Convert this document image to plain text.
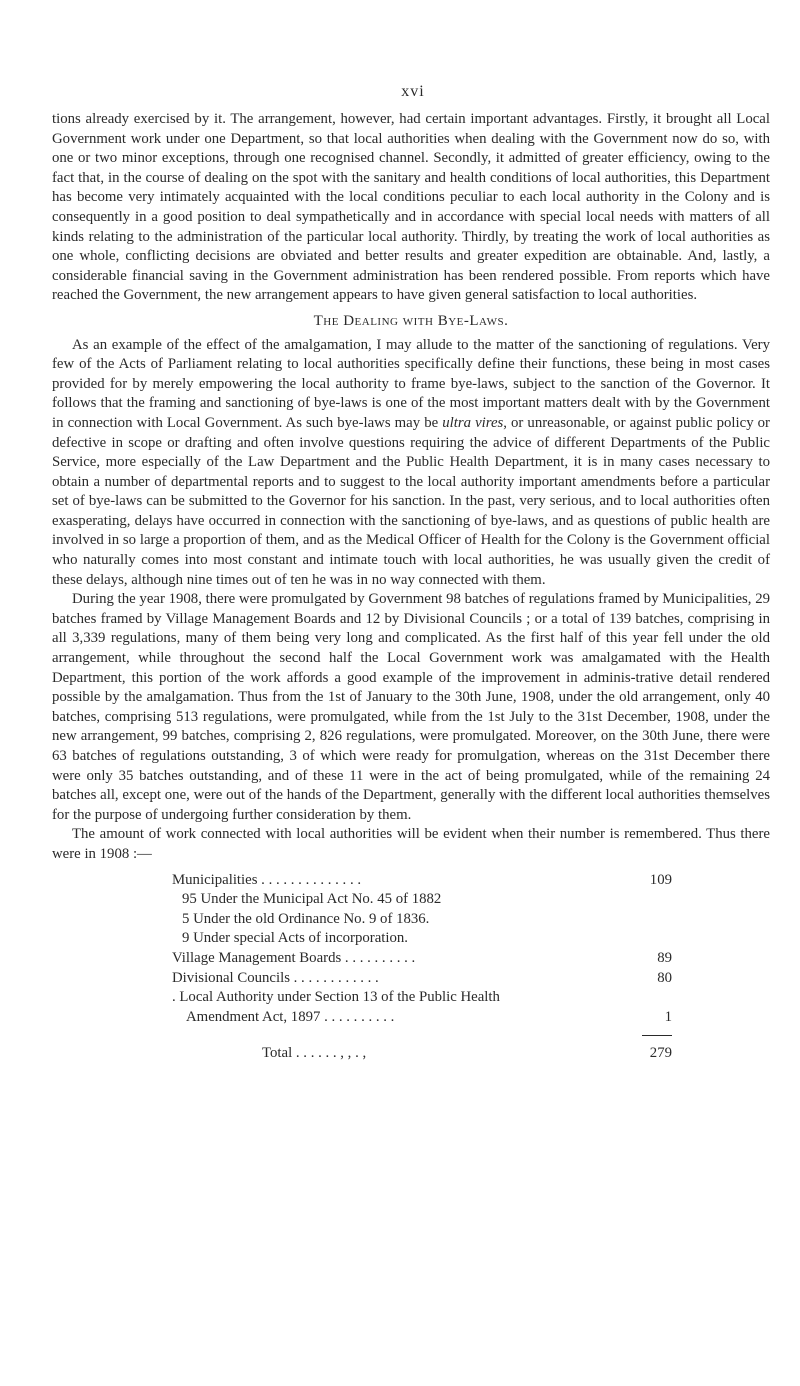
xvi

tions already exercised by it. The arrangement, however, had certain important advantages. Firstly, it brought all Local Government work under one Department, so that local authorities when dealing with the Government now do so, with one or two minor exceptions, through one recognised channel. Secondly, it admitted of greater efficiency, owing to the fact that, in the course of dealing on the spot with the sanitary and health conditions of local authorities, this Department has become very intimately acquainted with the local conditions peculiar to each local authority in the Colony and is consequently in a good position to deal sympathetically and in accordance with special local needs with matters of all kinds relating to the administration of the particular local authority. Thirdly, by treating the work of local authorities as one whole, conflicting decisions are obviated and better results and greater expedition are obtainable. And, lastly, a considerable financial saving in the Government administration has been rendered possible. From reports which have reached the Government, the new arrangement appears to have given general satisfaction to local authorities.

The Dealing with Bye-Laws.

As an example of the effect of the amalgamation, I may allude to the matter of the sanctioning of regulations. Very few of the Acts of Parliament relating to local authorities specifically define their functions, these being in most cases provided for by merely empowering the local authority to frame bye-laws, subject to the sanction of the Governor. It follows that the framing and sanctioning of bye-laws is one of the most important matters dealt with by the Government in connection with Local Government. As such bye-laws may be ultra vires, or unreasonable, or against public policy or defective in scope or drafting and often involve questions requiring the advice of different Departments of the Public Service, more especially of the Law Department and the Public Health Department, it is in many cases necessary to obtain a number of departmental reports and to suggest to the local authority important amendments before a particular set of bye-laws can be submitted to the Governor for his sanction. In the past, very serious, and to local authorities often exasperating, delays have occurred in connection with the sanctioning of bye-laws, and as questions of public health are involved in so large a proportion of them, and as the Medical Officer of Health for the Colony is the Government official who naturally comes into most constant and intimate touch with local authorities, he was usually given the credit of these delays, although nine times out of ten he was in no way connected with them.

During the year 1908, there were promulgated by Government 98 batches of regulations framed by Municipalities, 29 batches framed by Village Management Boards and 12 by Divisional Councils ; or a total of 139 batches, comprising in all 3,339 regulations, many of them being very long and complicated. As the first half of this year fell under the old arrangement, while throughout the second half the Local Government work was amalgamated with the Health Department, this portion of the work affords a good example of the improvement in adminis-trative detail rendered possible by the amalgamation. Thus from the 1st of January to the 30th June, 1908, under the old arrangement, only 40 batches, comprising 513 regulations, were promulgated, while from the 1st July to the 31st December, 1908, under the new arrangement, 99 batches, comprising 2, 826 regulations, were promulgated. Moreover, on the 30th June, there were 63 batches of regulations outstanding, 3 of which were ready for promulgation, whereas on the 31st December there were only 35 batches outstanding, and of these 11 were in the act of being promulgated, while of the remaining 24 batches all, except one, were out of the hands of the Department, generally with the different local authorities themselves for the purpose of undergoing further consideration by them.

The amount of work connected with local authorities will be evident when their number is remembered. Thus there were in 1908 :—

Municipalities . . . . . . . . . . . . . .	109
95 Under the Municipal Act No. 45 of 1882
5 Under the old Ordinance No. 9 of 1836.
9 Under special Acts of incorporation.
Village Management Boards . . . . . . . . . .	89
Divisional Councils . . . . . . . . . . . .	80
. Local Authority under Section 13 of the Public Health
Amendment Act, 1897 . . . . . . . . . .	1
Total . . . . . . , , . ,	279
